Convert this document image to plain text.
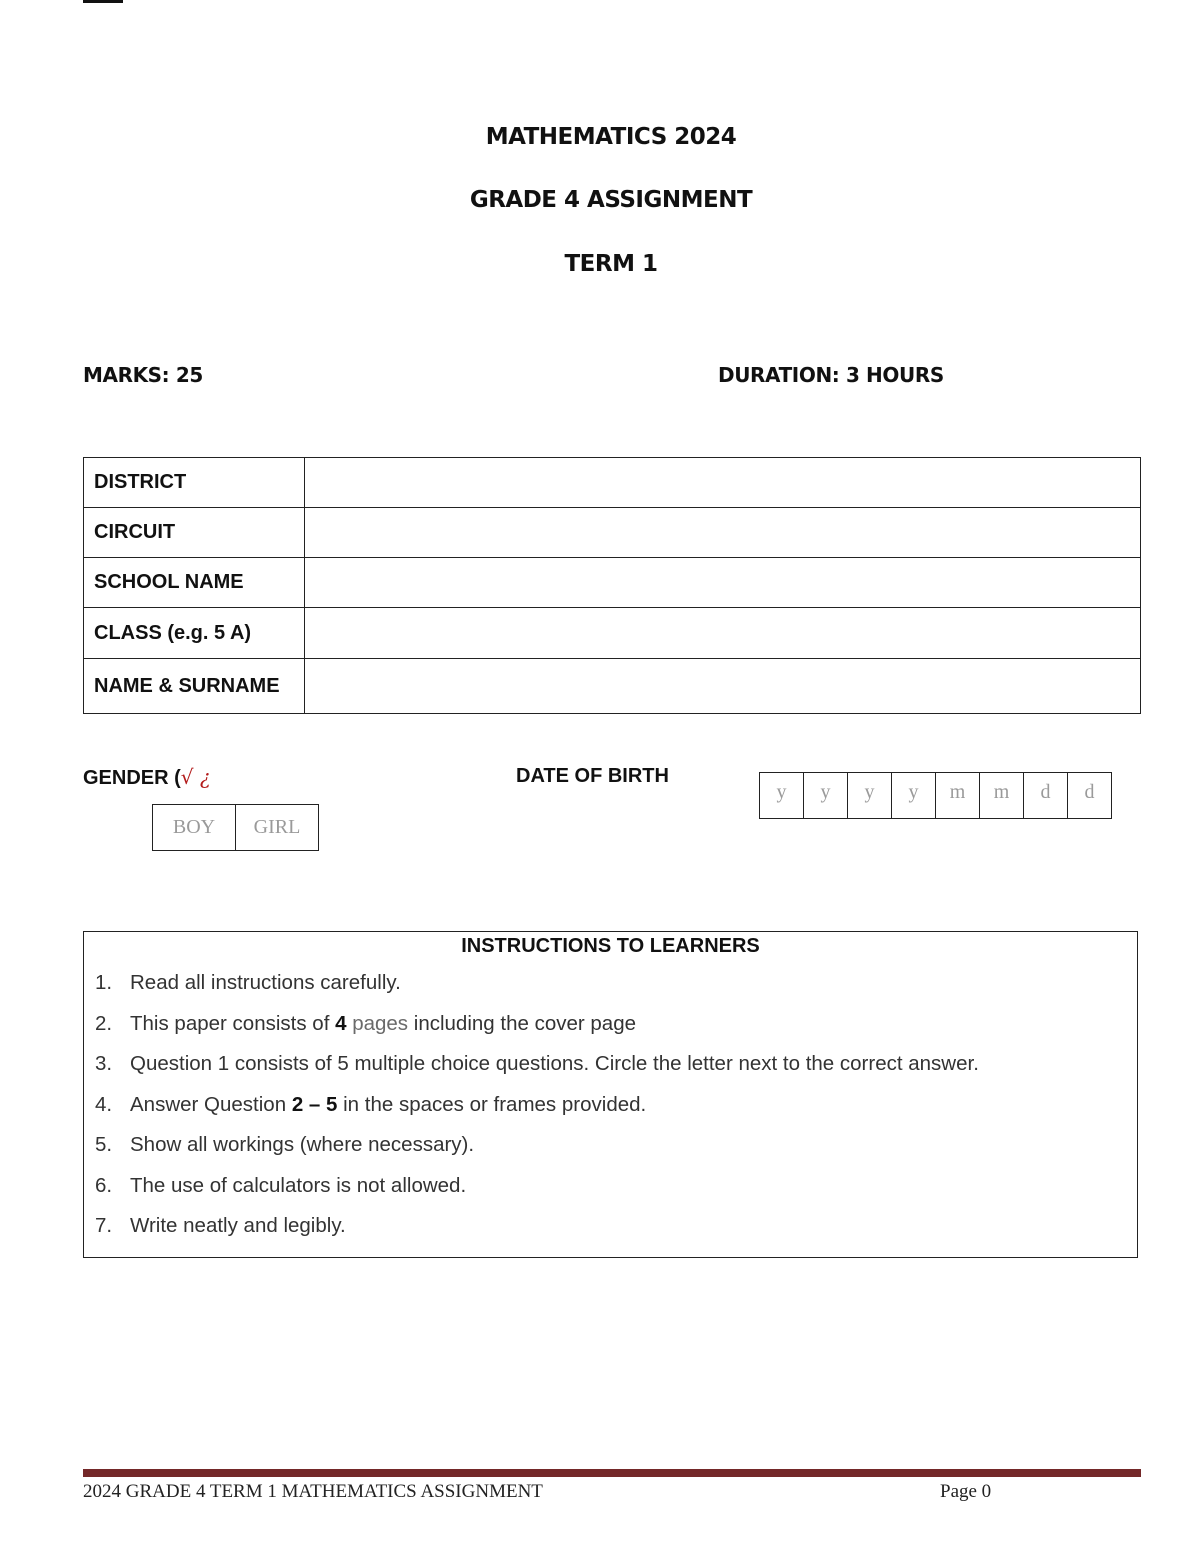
MATHEMATICS 2024
GRADE 4 ASSIGNMENT
TERM 1
MARKS: 25	DURATION: 3 HOURS
DISTRICT	
CIRCUIT	
SCHOOL NAME	
CLASS (e.g. 5 A)	
NAME & SURNAME	
GENDER (√ ¿
BOY	GIRL
DATE OF BIRTH
y	y	y	y	m	m	d	d
INSTRUCTIONS TO LEARNERS
1. Read all instructions carefully.
2. This paper consists of 4 pages including the cover page
3. Question 1 consists of 5 multiple choice questions. Circle the letter next to the correct answer.
4. Answer Question 2 – 5 in the spaces or frames provided.
5. Show all workings (where necessary).
6. The use of calculators is not allowed.
7. Write neatly and legibly.
2024 GRADE 4 TERM 1 MATHEMATICS ASSIGNMENT	Page 0
